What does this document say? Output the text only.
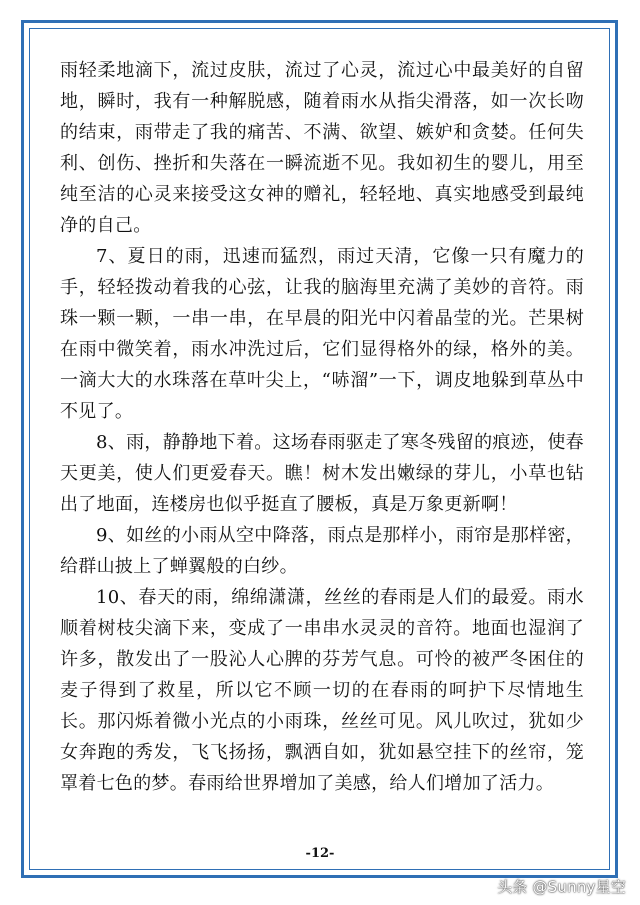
雨轻柔地滴下，流过皮肤，流过了心灵，流过心中最美好的自留地，瞬时，我有一种解脱感，随着雨水从指尖滑落，如一次长吻的结束，雨带走了我的痛苦、不满、欲望、嫉妒和贪婪。任何失利、创伤、挫折和失落在一瞬流逝不见。我如初生的婴儿，用至纯至洁的心灵来接受这女神的赠礼，轻轻地、真实地感受到最纯净的自己。

7、夏日的雨，迅速而猛烈，雨过天清，它像一只有魔力的手，轻轻拨动着我的心弦，让我的脑海里充满了美妙的音符。雨珠一颗一颗，一串一串，在早晨的阳光中闪着晶莹的光。芒果树在雨中微笑着，雨水冲洗过后，它们显得格外的绿，格外的美。一滴大大的水珠落在草叶尖上，“哧溜”一下，调皮地躲到草丛中不见了。

8、雨，静静地下着。这场春雨驱走了寒冬残留的痕迹，使春天更美，使人们更爱春天。瞧！树木发出嫩绿的芽儿，小草也钻出了地面，连楼房也似乎挺直了腰板，真是万象更新啊！

9、如丝的小雨从空中降落，雨点是那样小，雨帘是那样密，给群山披上了蝉翼般的白纱。

10、春天的雨，绵绵潇潇，丝丝的春雨是人们的最爱。雨水顺着树枝尖滴下来，变成了一串串水灵灵的音符。地面也湿润了许多，散发出了一股沁人心脾的芬芳气息。可怜的被严冬困住的麦子得到了救星，所以它不顾一切的在春雨的呵护下尽情地生长。那闪烁着微小光点的小雨珠，丝丝可见。风儿吹过，犹如少女奔跑的秀发，飞飞扬扬，飘洒自如，犹如悬空挂下的丝帘，笼罩着七色的梦。春雨给世界增加了美感，给人们增加了活力。

-12-
头条 @Sunny星空
